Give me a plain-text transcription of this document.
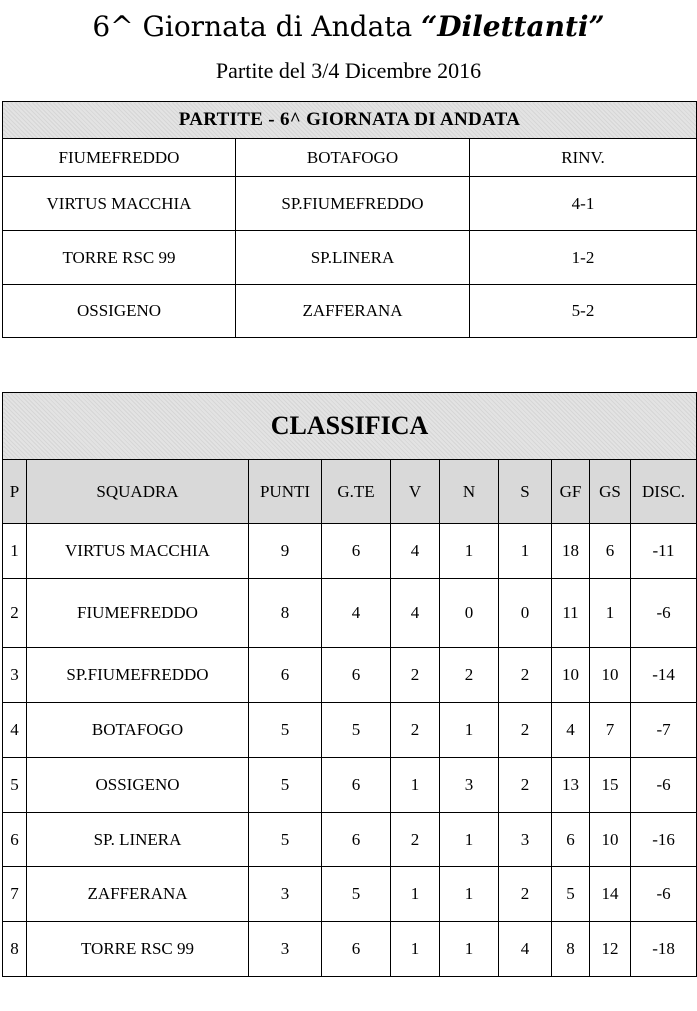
6^ Giornata di Andata “Dilettanti”
Partite del 3/4 Dicembre 2016
PARTITE - 6^ GIORNATA DI ANDATA		
FIUMEFREDDO	BOTAFOGO	RINV.
VIRTUS MACCHIA	SP.FIUMEFREDDO	4-1
TORRE RSC 99	SP.LINERA	1-2
OSSIGENO	ZAFFERANA	5-2
CLASSIFICA									
P	SQUADRA	PUNTI	G.TE	V	N	S	GF	GS	DISC.
1	VIRTUS MACCHIA	9	6	4	1	1	18	6	-11
2	FIUMEFREDDO	8	4	4	0	0	11	1	-6
3	SP.FIUMEFREDDO	6	6	2	2	2	10	10	-14
4	BOTAFOGO	5	5	2	1	2	4	7	-7
5	OSSIGENO	5	6	1	3	2	13	15	-6
6	SP. LINERA	5	6	2	1	3	6	10	-16
7	ZAFFERANA	3	5	1	1	2	5	14	-6
8	TORRE RSC 99	3	6	1	1	4	8	12	-18
